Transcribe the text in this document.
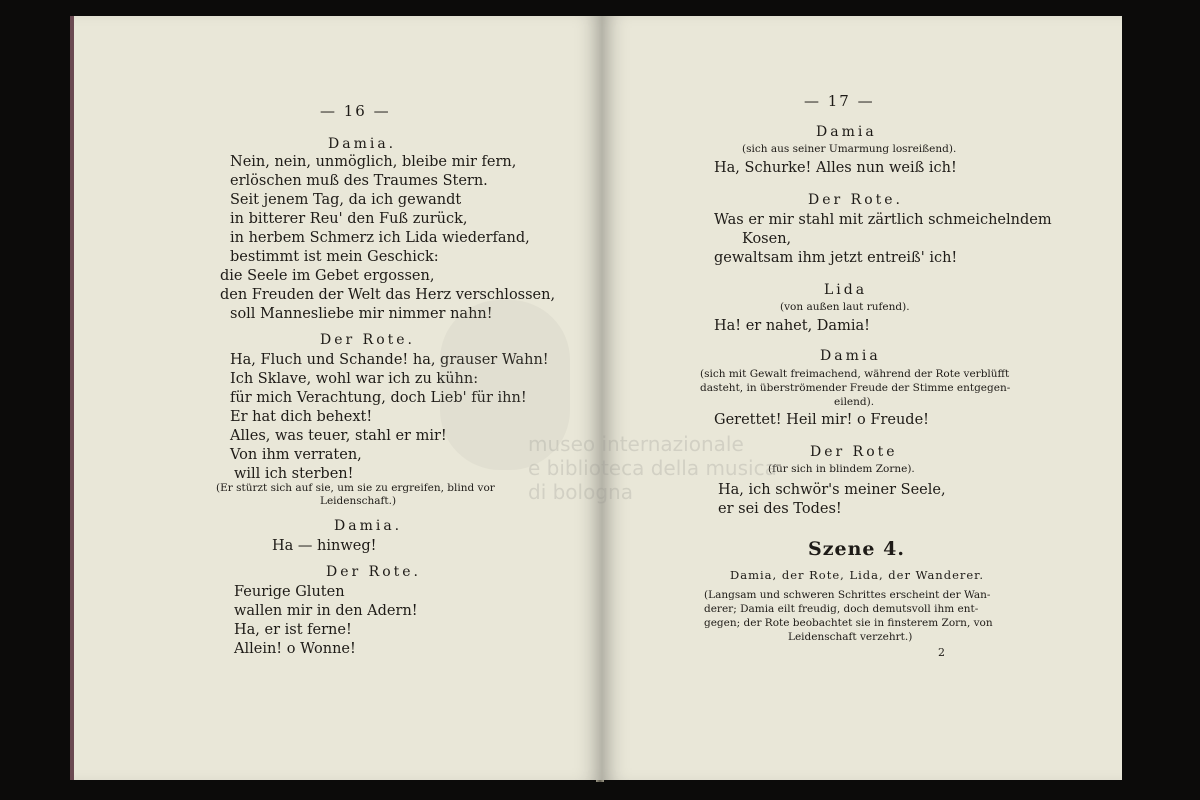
— 16 —
Damia.
Nein, nein, unmöglich, bleibe mir fern,
erlöschen muß des Traumes Stern.
Seit jenem Tag, da ich gewandt
in bitterer Reu' den Fuß zurück,
in herbem Schmerz ich Lida wiederfand,
bestimmt ist mein Geschick:
die Seele im Gebet ergossen,
den Freuden der Welt das Herz verschlossen,
soll Mannesliebe mir nimmer nahn!
Der Rote.
Ha, Fluch und Schande! ha, grauser Wahn!
Ich Sklave, wohl war ich zu kühn:
für mich Verachtung, doch Lieb' für ihn!
Er hat dich behext!
Alles, was teuer, stahl er mir!
Von ihm verraten,
will ich sterben!
(Er stürzt sich auf sie, um sie zu ergreifen, blind vor
Leidenschaft.)
Damia.
Ha — hinweg!
Der Rote.
Feurige Gluten
wallen mir in den Adern!
Ha, er ist ferne!
Allein! o Wonne!
— 17 —
Damia
(sich aus seiner Umarmung losreißend).
Ha, Schurke! Alles nun weiß ich!
Der Rote.
Was er mir stahl mit zärtlich schmeichelndem
Kosen,
gewaltsam ihm jetzt entreiß' ich!
Lida
(von außen laut rufend).
Ha! er nahet, Damia!
Damia
(sich mit Gewalt freimachend, während der Rote verblüfft
dasteht, in überströmender Freude der Stimme entgegen-
eilend).
Gerettet! Heil mir! o Freude!
Der Rote
(für sich in blindem Zorne).
Ha, ich schwör's meiner Seele,
er sei des Todes!
Szene 4.
Damia, der Rote, Lida, der Wanderer.
(Langsam und schweren Schrittes erscheint der Wan-
derer; Damia eilt freudig, doch demutsvoll ihm ent-
gegen; der Rote beobachtet sie in finsterem Zorn, von
Leidenschaft verzehrt.)
2
museo internazionale
e biblioteca della musica
di bologna
